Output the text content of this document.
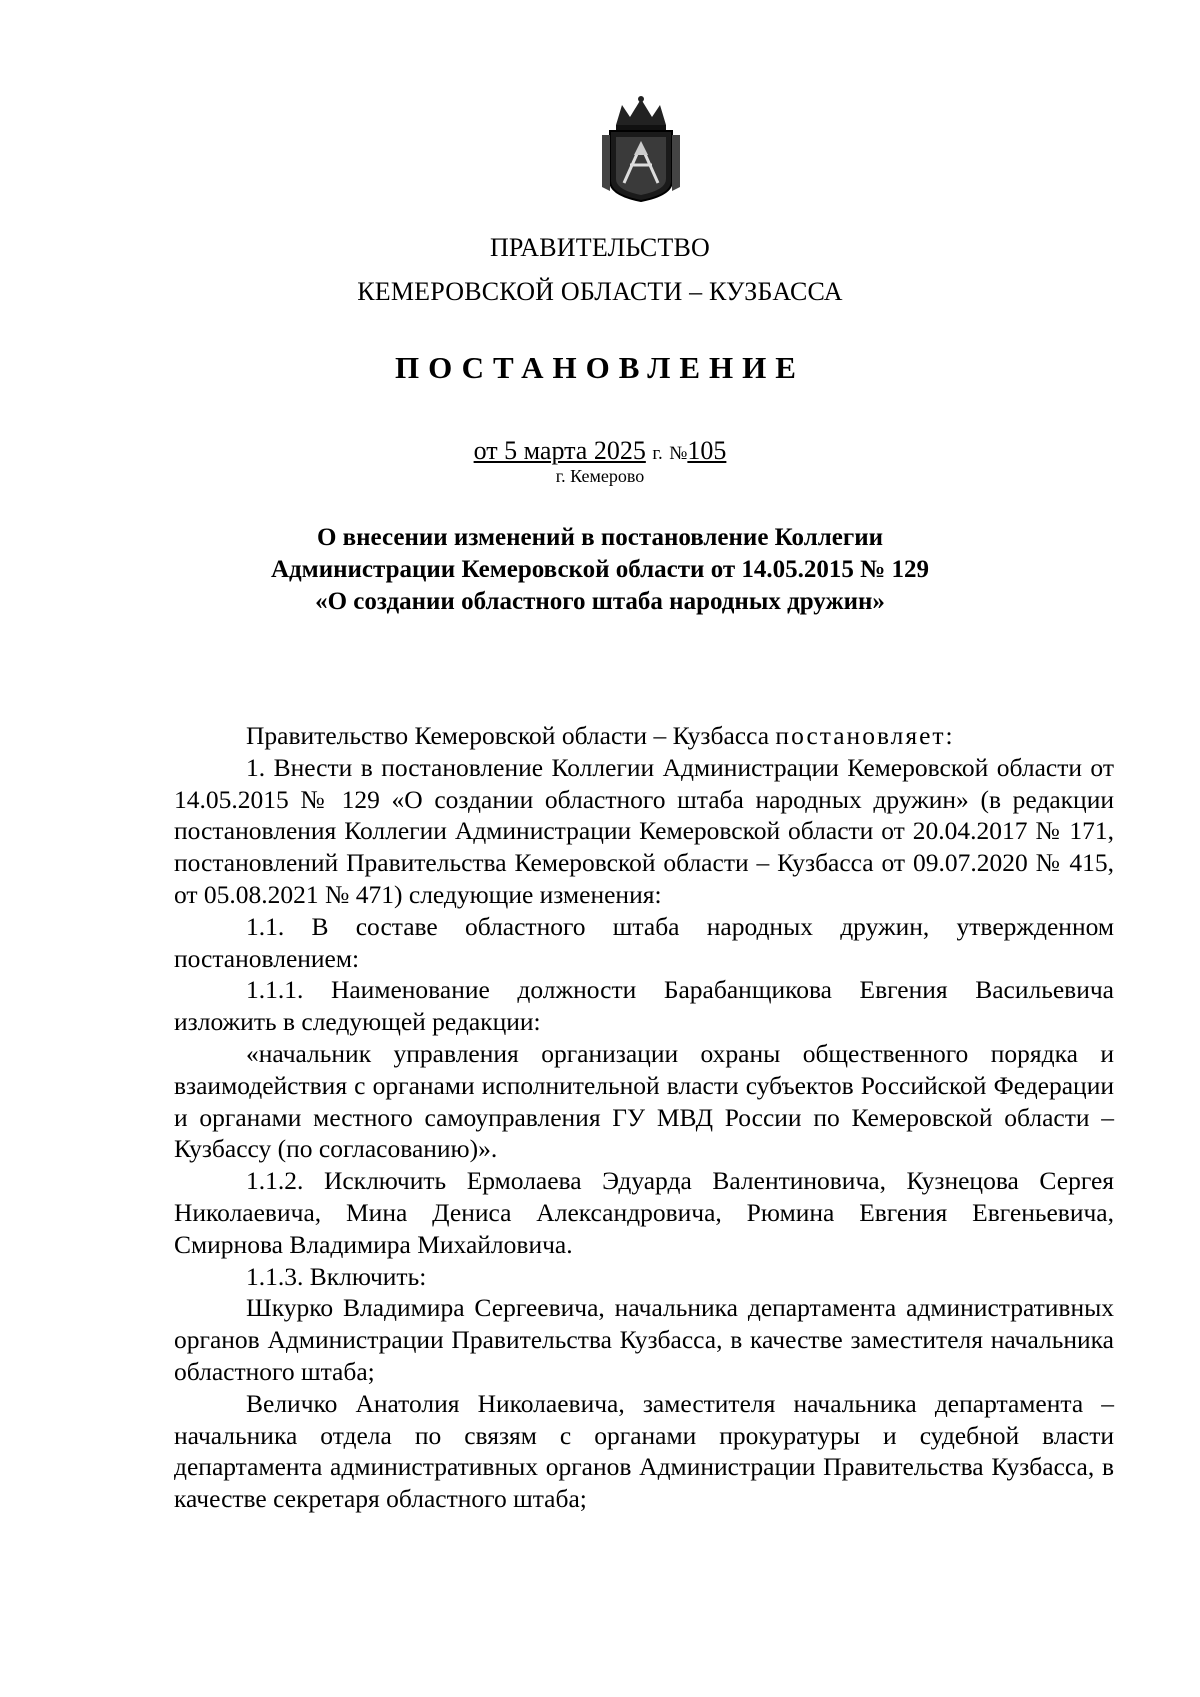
ПРАВИТЕЛЬСТВО
КЕМЕРОВСКОЙ ОБЛАСТИ – КУЗБАССА
ПОСТАНОВЛЕНИЕ
от 5 марта 2025 г. №105
г. Кемерово
О внесении изменений в постановление Коллегии Администрации Кемеровской области от 14.05.2015 № 129 «О создании областного штаба народных дружин»

Правительство Кемеровской области – Кузбасса постановляет:

1. Внести в постановление Коллегии Администрации Кемеровской области от 14.05.2015 № 129 «О создании областного штаба народных дружин» (в редакции постановления Коллегии Администрации Кемеровской области от 20.04.2017 № 171, постановлений Правительства Кемеровской области – Кузбасса от 09.07.2020 № 415, от 05.08.2021 № 471) следующие изменения:

1.1. В составе областного штаба народных дружин, утвержденном постановлением:

1.1.1. Наименование должности Барабанщикова Евгения Васильевича изложить в следующей редакции:

«начальник управления организации охраны общественного порядка и взаимодействия с органами исполнительной власти субъектов Российской Федерации и органами местного самоуправления ГУ МВД России по Кемеровской области – Кузбассу (по согласованию)».

1.1.2. Исключить Ермолаева Эдуарда Валентиновича, Кузнецова Сергея Николаевича, Мина Дениса Александровича, Рюмина Евгения Евгеньевича, Смирнова Владимира Михайловича.

1.1.3. Включить:

Шкурко Владимира Сергеевича, начальника департамента административных органов Администрации Правительства Кузбасса, в качестве заместителя начальника областного штаба;

Величко Анатолия Николаевича, заместителя начальника департамента – начальника отдела по связям с органами прокуратуры и судебной власти департамента административных органов Администрации Правительства Кузбасса, в качестве секретаря областного штаба;
